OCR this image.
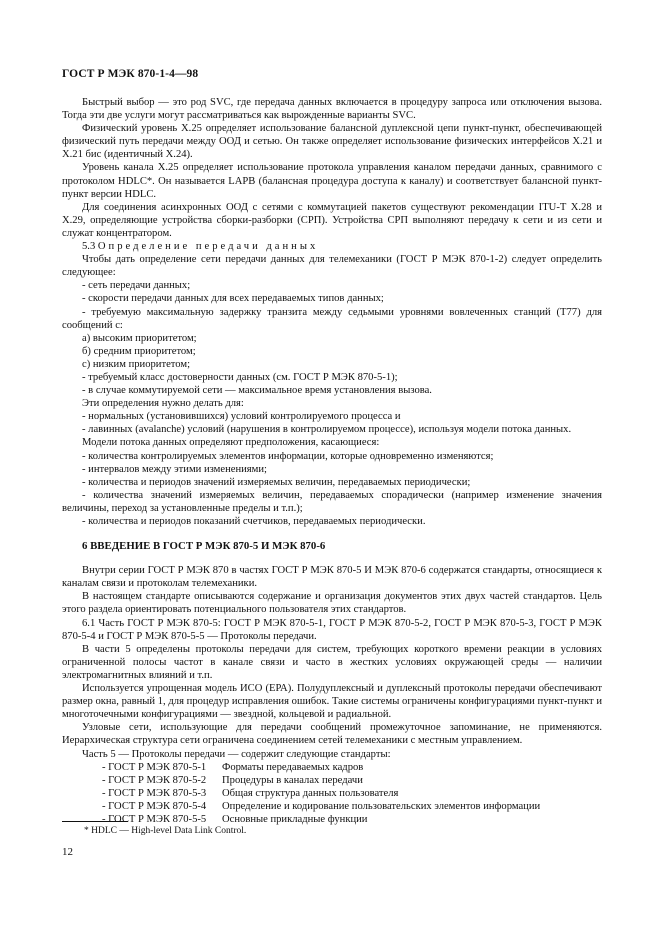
ГОСТ Р МЭК 870-1-4—98

Быстрый выбор — это род SVC, где передача данных включается в процедуру запроса или отключения вызова. Тогда эти две услуги могут рассматриваться как вырожденные варианты SVC.

Физический уровень X.25 определяет использование балансной дуплексной цепи пункт-пункт, обеспечивающей физический путь передачи между ООД и сетью. Он также определяет использование физических интерфейсов X.21 и X.21 бис (идентичный X.24).

Уровень канала X.25 определяет использование протокола управления каналом передачи данных, сравнимого с протоколом HDLC*. Он называется LAPB (балансная процедура доступа к каналу) и соответствует балансной пункт-пункт версии HDLC.

Для соединения асинхронных ООД с сетями с коммутацией пакетов существуют рекомендации ITU-T X.28 и X.29, определяющие устройства сборки-разборки (СРП). Устройства СРП выполняют передачу к сети и из сети и служат концентратором.

5.3 Определение передачи данных

Чтобы дать определение сети передачи данных для телемеханики (ГОСТ Р МЭК 870-1-2) следует определить следующее:

- сеть передачи данных;

- скорости передачи данных для всех передаваемых типов данных;

- требуемую максимальную задержку транзита между седьмыми уровнями вовлеченных станций (T77) для сообщений с:

а) высоким приоритетом;

б) средним приоритетом;

с) низким приоритетом;

- требуемый класс достоверности данных (см. ГОСТ Р МЭК 870-5-1);

- в случае коммутируемой сети — максимальное время установления вызова.

Эти определения нужно делать для:

- нормальных (установившихся) условий контролируемого процесса и

- лавинных (avalanche) условий (нарушения в контролируемом процессе), используя модели потока данных.

Модели потока данных определяют предположения, касающиеся:

- количества контролируемых элементов информации, которые одновременно изменяются;

- интервалов между этими изменениями;

- количества и периодов значений измеряемых величин, передаваемых периодически;

- количества значений измеряемых величин, передаваемых спорадически (например изменение значения величины, переход за установленные пределы и т.п.);

- количества и периодов показаний счетчиков, передаваемых периодически.

6 ВВЕДЕНИЕ В ГОСТ Р МЭК 870-5 И МЭК 870-6

Внутри серии ГОСТ Р МЭК 870 в частях ГОСТ Р МЭК 870-5 И МЭК 870-6 содержатся стандарты, относящиеся к каналам связи и протоколам телемеханики.

В настоящем стандарте описываются содержание и организация документов этих двух частей стандартов. Цель этого раздела ориентировать потенциального пользователя этих стандартов.

6.1 Часть ГОСТ Р МЭК 870-5: ГОСТ Р МЭК 870-5-1, ГОСТ Р МЭК 870-5-2, ГОСТ Р МЭК 870-5-3, ГОСТ Р МЭК 870-5-4 и ГОСТ Р МЭК 870-5-5 — Протоколы передачи.

В части 5 определены протоколы передачи для систем, требующих короткого времени реакции в условиях ограниченной полосы частот в канале связи и часто в жестких условиях окружающей среды — наличии электромагнитных влияний и т.п.

Используется упрощенная модель ИСО (ЕРА). Полудуплексный и дуплексный протоколы передачи обеспечивают размер окна, равный 1, для процедур исправления ошибок. Такие системы ограничены конфигурациями пункт-пункт и многоточечными конфигурациями — звездной, кольцевой и радиальной.

Узловые сети, использующие для передачи сообщений промежуточное запоминание, не применяются. Иерархическая структура сети ограничена соединением сетей телемеханики с местным управлением.

Часть 5 — Протоколы передачи — содержит следующие стандарты:

- ГОСТ Р МЭК 870-5-1 Форматы передаваемых кадров

- ГОСТ Р МЭК 870-5-2 Процедуры в каналах передачи

- ГОСТ Р МЭК 870-5-3 Общая структура данных пользователя

- ГОСТ Р МЭК 870-5-4 Определение и кодирование пользовательских элементов информации

- ГОСТ Р МЭК 870-5-5 Основные прикладные функции

* HDLC — High-level Data Link Control.
12
